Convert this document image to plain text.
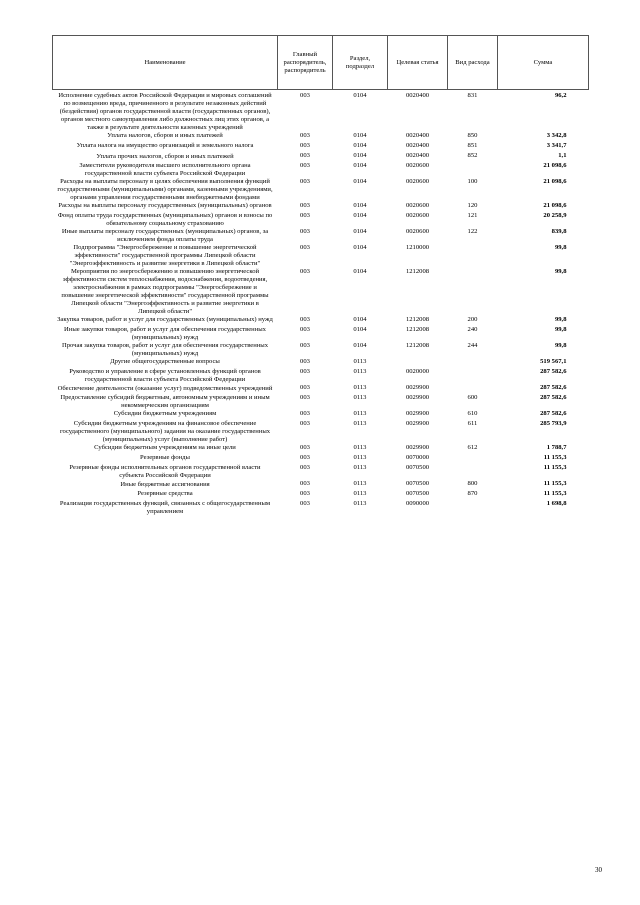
Наименование	Главный распорядитель, распорядитель	Раздел, подраздел	Целевая статья	Вид расхода	Сумма
Исполнение судебных актов Российской Федерации и мировых соглашений по возмещению вреда, причиненного в результате незаконных действий (бездействия) органов государственной власти (государственных органов), органов местного самоуправления либо должностных лиц этих органов, а также в результате деятельности казенных учреждений	003	0104	0020400	831	96,2
Уплата налогов, сборов и иных платежей	003	0104	0020400	850	3 342,8
Уплата налога на имущество организаций и земельного налога	003	0104	0020400	851	3 341,7
Уплата прочих налогов, сборов и иных платежей	003	0104	0020400	852	1,1
Заместители руководителя высшего исполнительного органа государственной власти субъекта Российской Федерации	003	0104	0020600		21 098,6
Расходы на выплаты персоналу в целях обеспечения выполнения функций государственными (муниципальными) органами, казенными учреждениями, органами управления государственными внебюджетными фондами	003	0104	0020600	100	21 098,6
Расходы на выплаты персоналу государственных (муниципальных) органов	003	0104	0020600	120	21 098,6
Фонд оплаты труда государственных (муниципальных) органов и взносы по обязательному социальному страхованию	003	0104	0020600	121	20 258,9
Иные выплаты персоналу государственных (муниципальных) органов, за исключением фонда оплаты труда	003	0104	0020600	122	839,8
Подпрограмма "Энергосбережение и повышение энергетической эффективности" государственной программы Липецкой области "Энергоэффективность и развитие энергетики в Липецкой области"	003	0104	1210000		99,8
Мероприятия по энергосбережению и повышению энергетической эффективности систем теплоснабжения, водоснабжения, водоотведения, электроснабжения в рамках подпрограммы "Энергосбережение и повышение энергетической эффективности" государственной программы Липецкой области "Энергоэффективность и развитие энергетики в Липецкой области"	003	0104	1212008		99,8
Закупка товаров, работ и услуг для государственных (муниципальных) нужд	003	0104	1212008	200	99,8
Иные закупки товаров, работ и услуг для обеспечения государственных (муниципальных) нужд	003	0104	1212008	240	99,8
Прочая закупка товаров, работ и услуг для обеспечения государственных (муниципальных) нужд	003	0104	1212008	244	99,8
Другие общегосударственные вопросы	003	0113			519 567,1
Руководство и управление в сфере установленных функций органов государственной власти субъекта Российской Федерации	003	0113	0020000		287 582,6
Обеспечение деятельности (оказание услуг) подведомственных учреждений	003	0113	0029900		287 582,6
Предоставление субсидий бюджетным, автономным учреждениям и иным некоммерческим организациям	003	0113	0029900	600	287 582,6
Субсидии бюджетным учреждениям	003	0113	0029900	610	287 582,6
Субсидии бюджетным учреждениям на финансовое обеспечение государственного (муниципального) задания на оказание государственных (муниципальных) услуг (выполнение работ)	003	0113	0029900	611	285 793,9
Субсидии бюджетным учреждениям на иные цели	003	0113	0029900	612	1 788,7
Резервные фонды	003	0113	0070000		11 155,3
Резервные фонды исполнительных органов государственной власти субъекта Российской Федерации	003	0113	0070500		11 155,3
Иные бюджетные ассигнования	003	0113	0070500	800	11 155,3
Резервные средства	003	0113	0070500	870	11 155,3
Реализация государственных функций, связанных с общегосударственным управлением	003	0113	0090000		1 698,8
30
